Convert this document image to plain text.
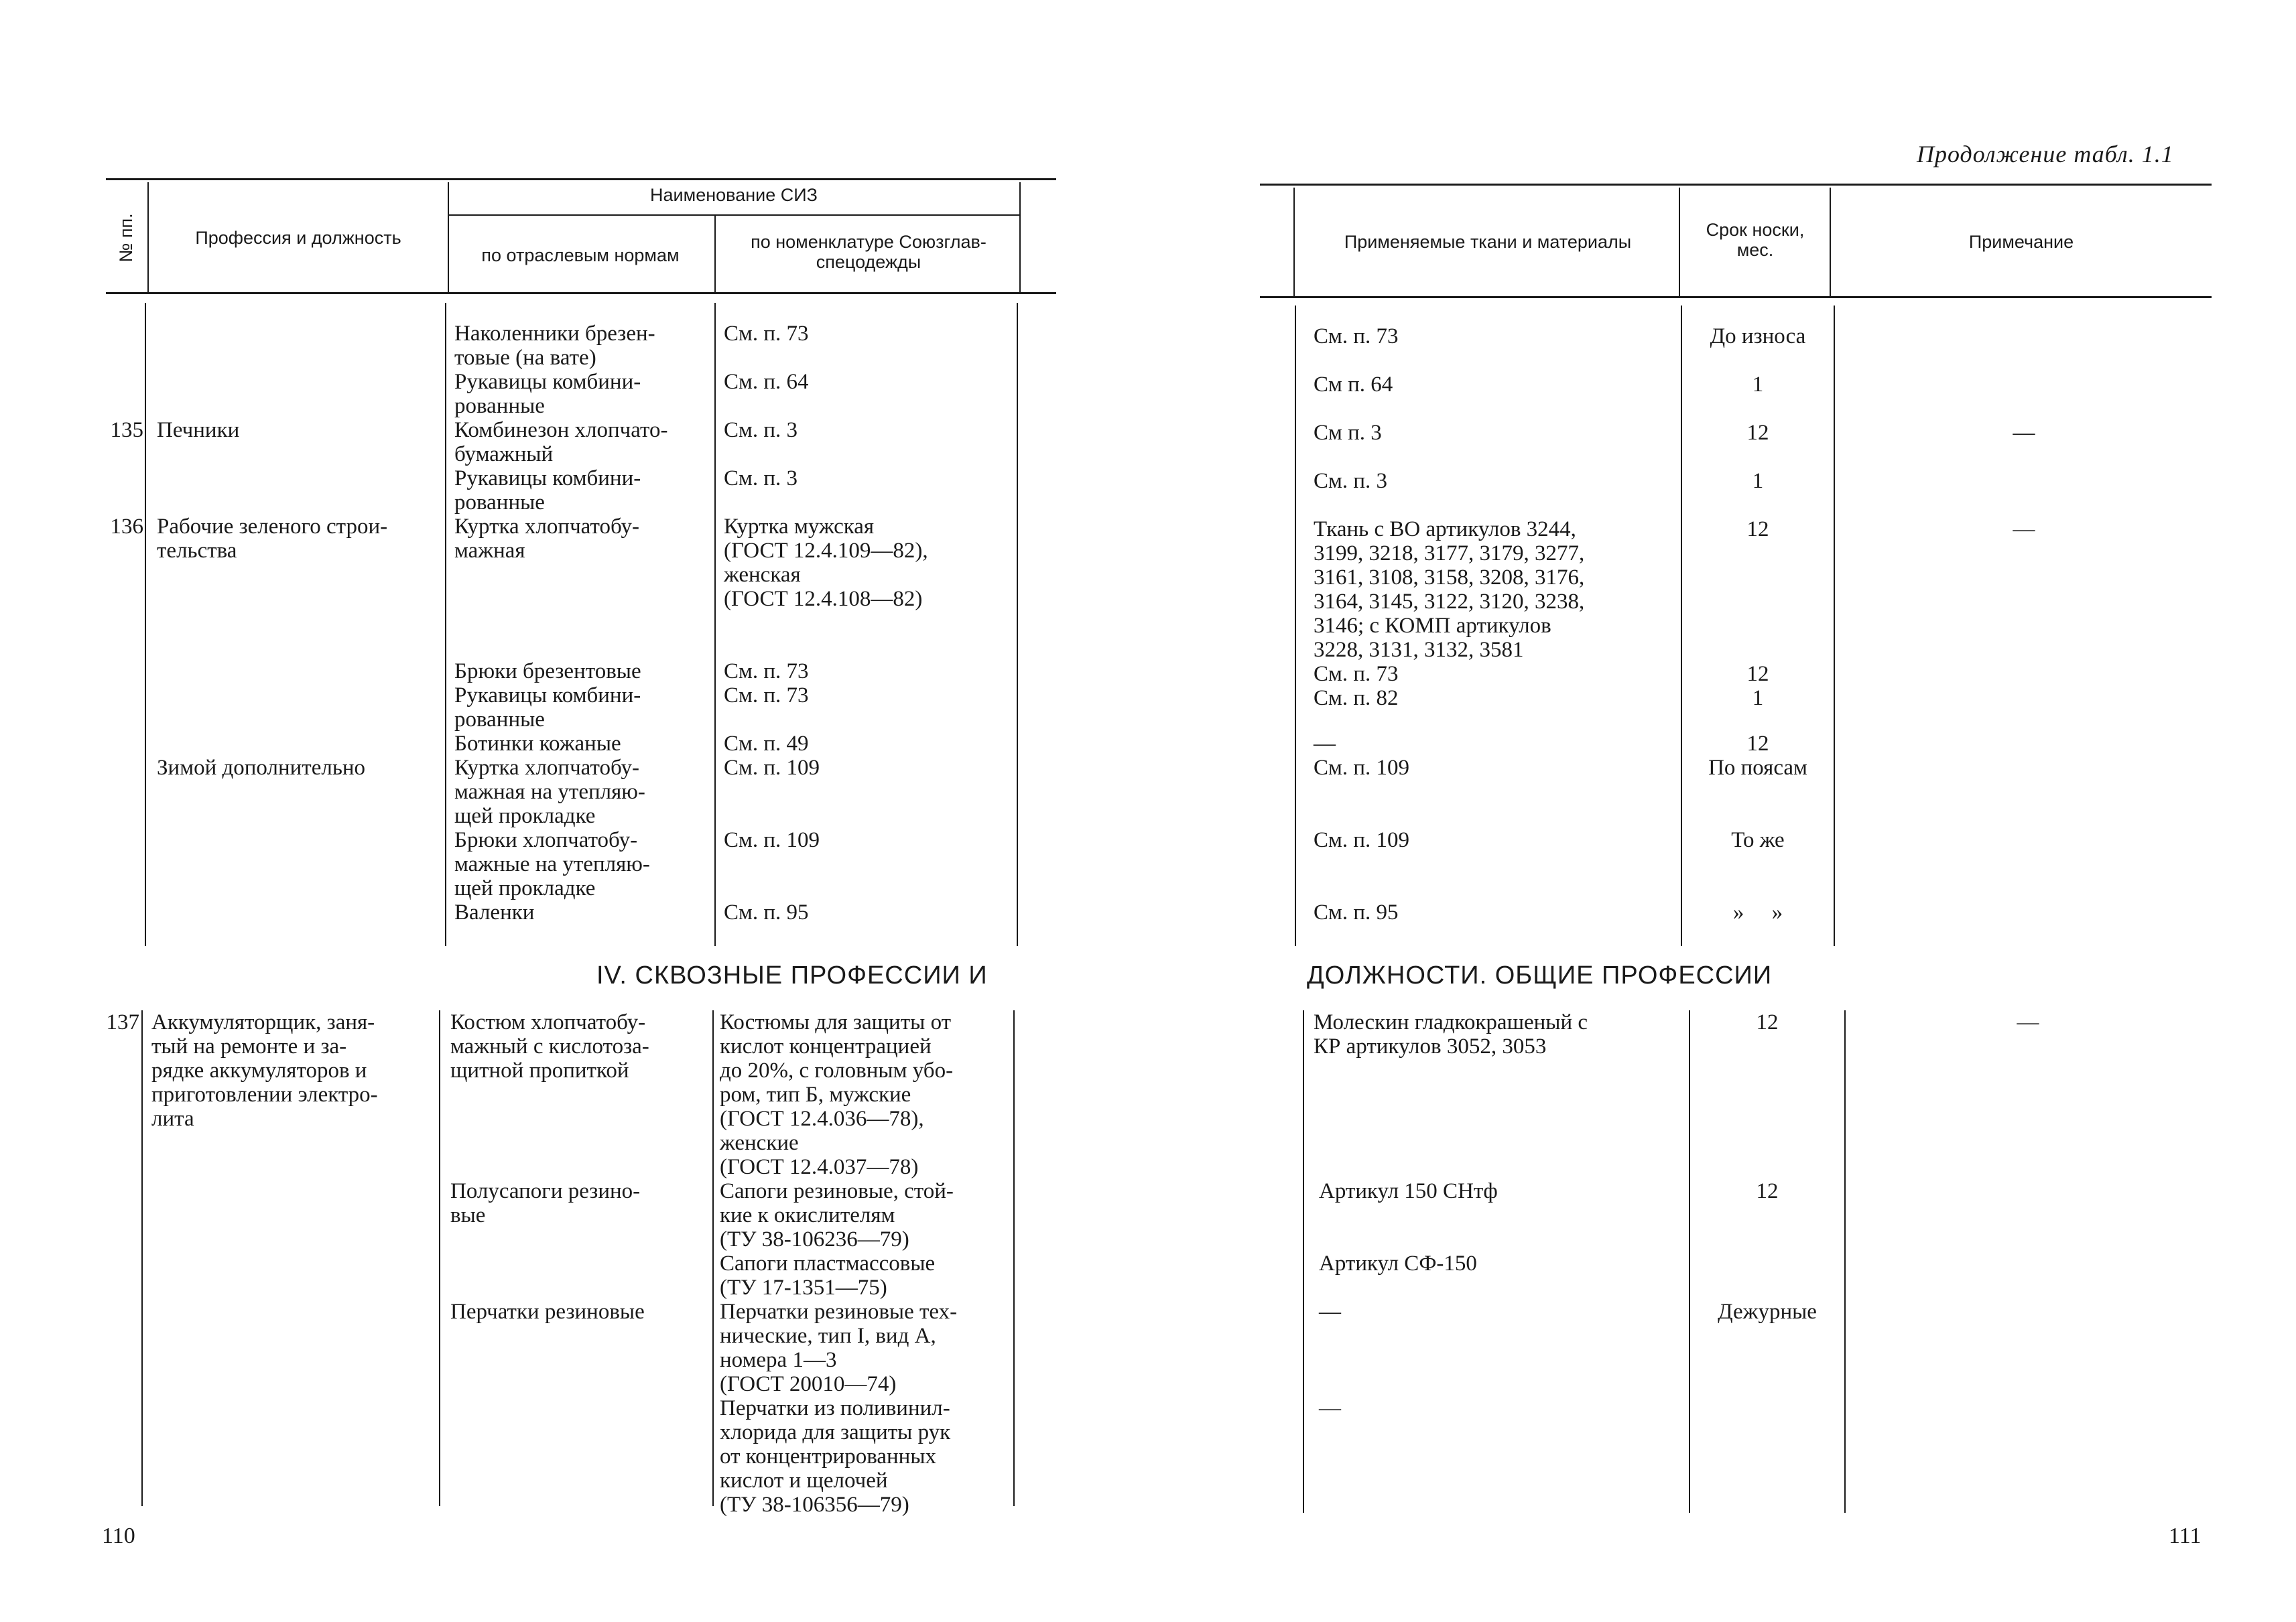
№ пп.	Профессия и должность
Наименование СИЗ
по отраслевым нормам
по номенклатуре Союзглав-
спецодежды
135 Печники
136 Рабочие зеленого строи-
тельства
Зимой дополнительно
Наколенники брезен-
товые (на вате)
Рукавицы комбини-
рованные
Комбинезон хлопчато-
бумажный
Рукавицы комбини-
рованные
Куртка хлопчатобу-
мажная
Брюки брезентовые
Рукавицы комбини-
рованные
Ботинки кожаные
Куртка хлопчатобу-
мажная на утепляю-
щей прокладке
Брюки хлопчатобу-
мажные на утепляю-
щей прокладке
Валенки
См. п. 73
См. п. 64
См. п. 3
См. п. 3
Куртка мужская
(ГОСТ 12.4.109—82),
женская
(ГОСТ 12.4.108—82)
См. п. 73
См. п. 73
См. п. 49
См. п. 109
См. п. 109
См. п. 95
IV. СКВОЗНЫЕ ПРОФЕССИИ И
137 Аккумуляторщик, заня-
тый на ремонте и за-
рядке аккумуляторов и
приготовлении электро-
лита
Костюм хлопчатобу-
мажный с кислотоза-
щитной пропиткой
Полусапоги резино-
вые
Перчатки резиновые
Костюмы для защиты от
кислот концентрацией
до 20%, с головным убо-
ром, тип Б, мужские
(ГОСТ 12.4.036—78),
женские
(ГОСТ 12.4.037—78)
Сапоги резиновые, стой-
кие к окислителям
(ТУ 38-106236—79)
Сапоги пластмассовые
(ТУ 17-1351—75)
Перчатки резиновые тех-
нические, тип I, вид А,
номера 1—3
(ГОСТ 20010—74)
Перчатки из поливинил-
хлорида для защиты рук
от концентрированных
кислот и щелочей
(ТУ 38-106356—79)
110
Продолжение табл. 1.1
Применяемые ткани и материалы
Срок носки,
мес.	Примечание
См. п. 73
См п. 64
См п. 3
См. п. 3
Ткань с ВО артикулов 3244,
3199, 3218, 3177, 3179, 3277,
3161, 3108, 3158, 3208, 3176,
3164, 3145, 3122, 3120, 3238,
3146; с КОМП артикулов
3228, 3131, 3132, 3581
См. п. 73
См. п. 82
—
См. п. 109
См. п. 109
См. п. 95
До износа
1
12
1
12
12
1
12
По поясам
То же
»     »
—
—
ДОЛЖНОСТИ. ОБЩИЕ ПРОФЕССИИ
Молескин гладкокрашеный с
КР артикулов 3052, 3053
Артикул 150 СНтф
Артикул СФ-150
—
—
12
12
Дежурные
—
111
